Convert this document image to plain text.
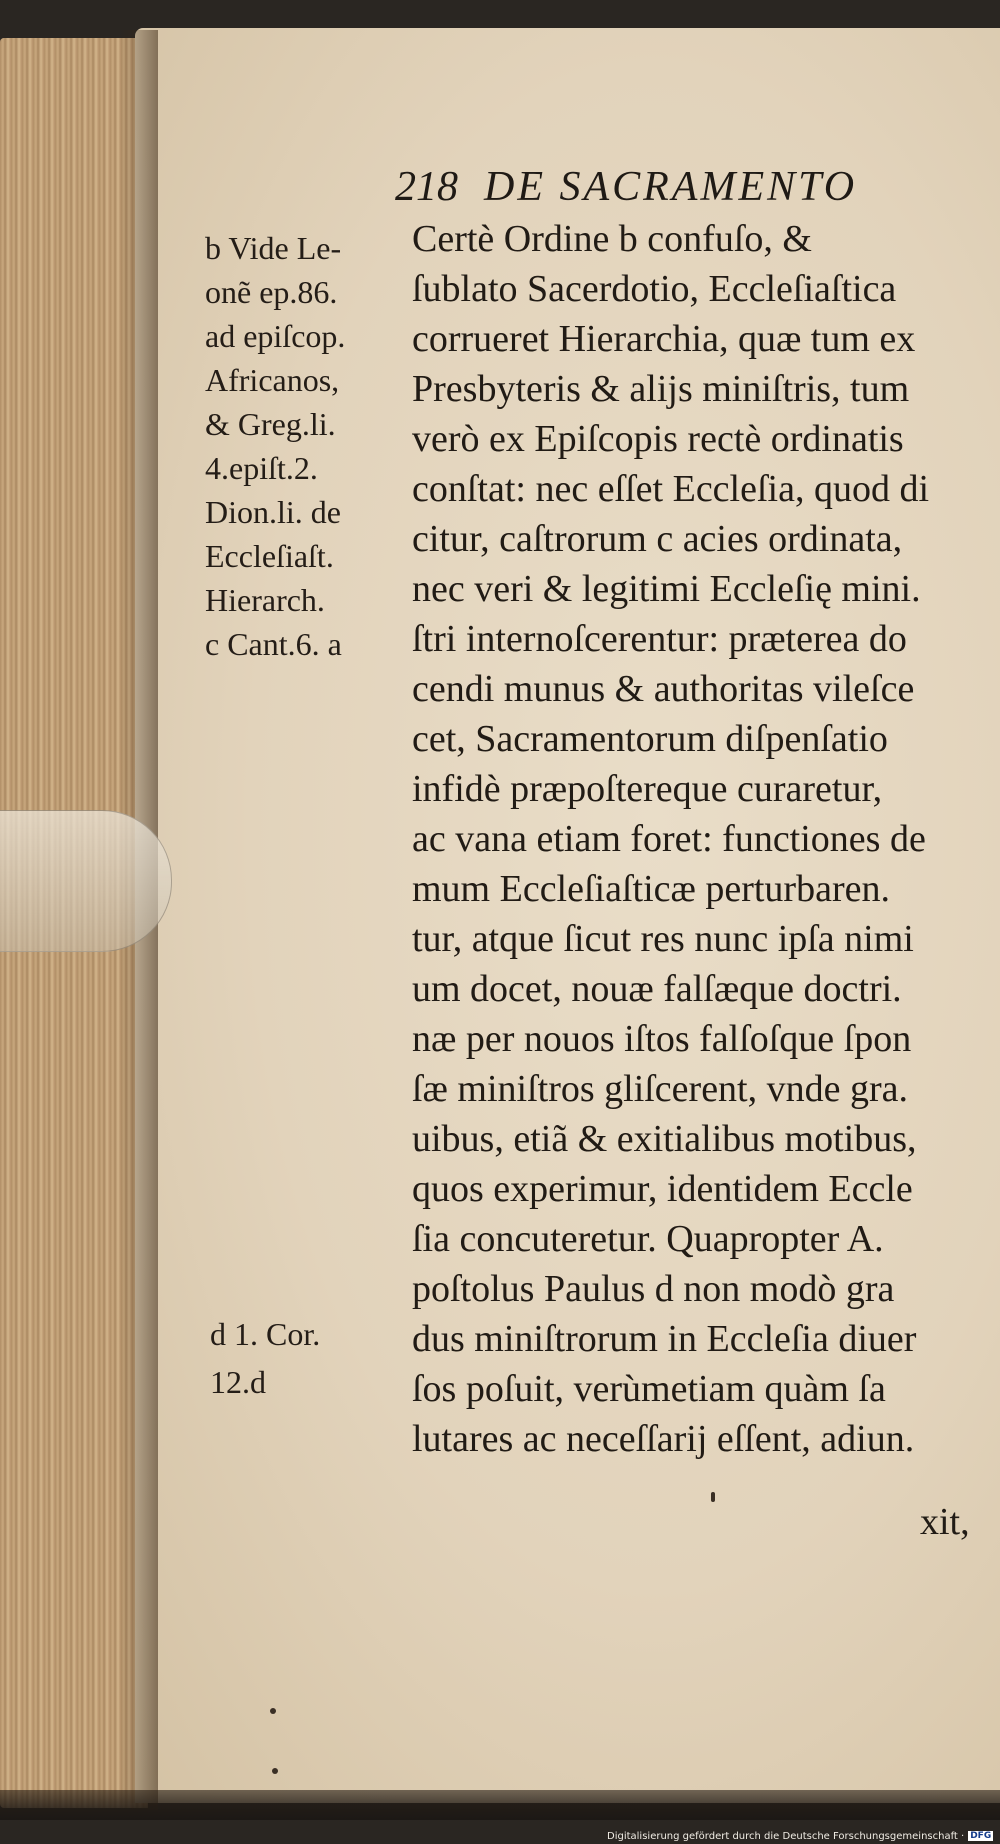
218 DE SACRAMENTO
b Vide Le-
onẽ ep.86.
ad epiſcop.
Africanos,
& Greg.li.
4.epiſt.2.
Dion.li. de
Eccleſiaſt.
Hierarch.
c Cant.6. a
Certè Ordine b confuſo, &
ſublato Sacerdotio, Eccleſiaſtica
corrueret Hierarchia, quæ tum ex
Presbyteris & alijs miniſtris, tum
verò ex Epiſcopis rectè ordinatis
conſtat: nec eſſet Eccleſia, quod di
citur, caſtrorum c acies ordinata,
nec veri & legitimi Eccleſię mini.
ſtri internoſcerentur: præterea do
cendi munus & authoritas vileſce
cet, Sacramentorum diſpenſatio
infidè præpoſtereque curaretur,
ac vana etiam foret: functiones de
mum Eccleſiaſticæ perturbaren.
tur, atque ſicut res nunc ipſa nimi
um docet, nouæ falſæque doctri.
næ per nouos iſtos falſoſque ſpon
ſæ miniſtros gliſcerent, vnde gra.
uibus, etiã & exitialibus motibus,
quos experimur, identidem Eccle
ſia concuteretur. Quapropter A.
poſtolus Paulus d non modò gra
dus miniſtrorum in Eccleſia diuer
ſos poſuit, verùmetiam quàm ſa
lutares ac neceſſarij eſſent, adiun.
d 1. Cor.
12.d
xit,
Digitalisierung gefördert durch die Deutsche Forschungsgemeinschaft · DFG
